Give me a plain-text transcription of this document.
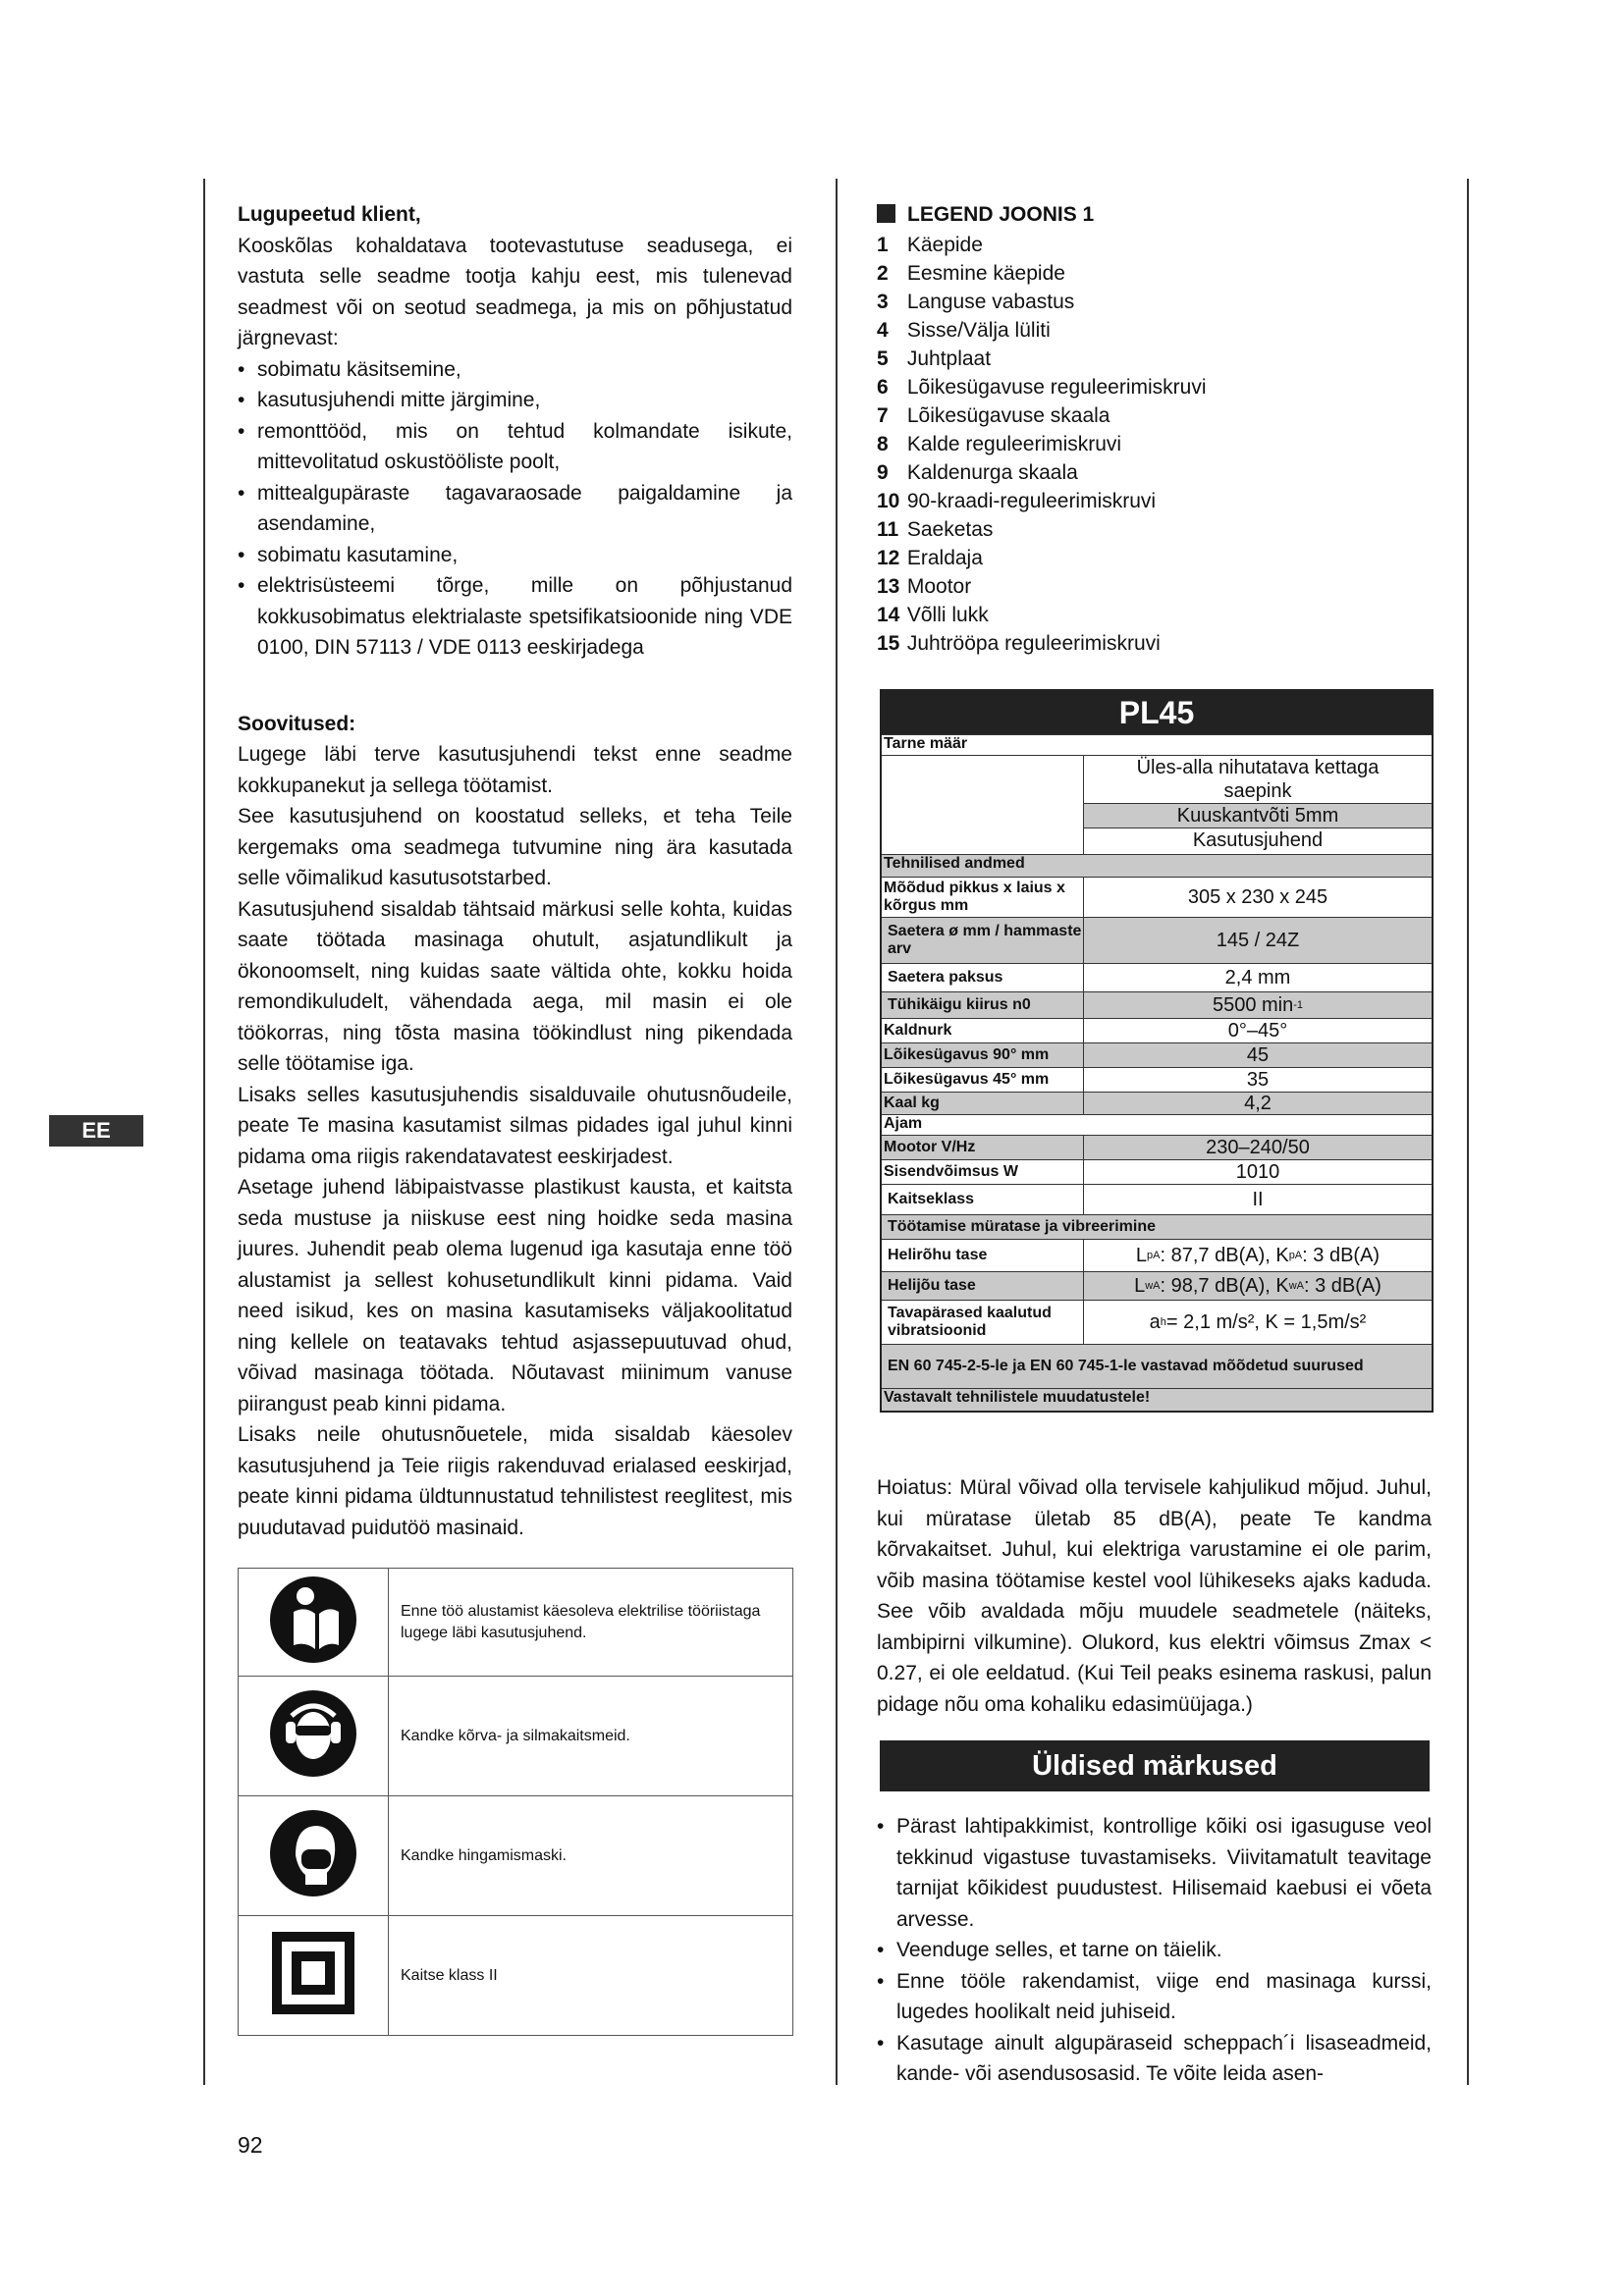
EE
Lugupeetud klient,
Kooskõlas kohaldatava tootevastutuse seadusega, ei vastuta selle seadme tootja kahju eest, mis tulenevad seadmest või on seotud seadmega, ja mis on põhjustatud järgnevast:
• sobimatu käsitsemine,
• kasutusjuhendi mitte järgimine,
• remonttööd, mis on tehtud kolmandate isikute, mittevolitatud oskustööliste poolt,
• mittealgupäraste tagavaraosade paigaldamine ja asendamine,
• sobimatu kasutamine,
• elektrisüsteemi tõrge, mille on põhjustanud kokkusobimatus elektrialaste spetsifikatsioonide ning VDE 0100, DIN 57113 / VDE 0113 eeskirjadega
Soovitused:
Lugege läbi terve kasutusjuhendi tekst enne seadme kokkupanekut ja sellega töötamist.
See kasutusjuhend on koostatud selleks, et teha Teile kergemaks oma seadmega tutvumine ning ära kasutada selle võimalikud kasutusotstarbed.
Kasutusjuhend sisaldab tähtsaid märkusi selle kohta, kuidas saate töötada masinaga ohutult, asjatundlikult ja ökonoomselt, ning kuidas saate vältida ohte, kokku hoida remondikuludelt, vähendada aega, mil masin ei ole töökorras, ning tõsta masina töökindlust ning pikendada selle töötamise iga.
Lisaks selles kasutusjuhendis sisalduvaile ohutusnõudeile, peate Te masina kasutamist silmas pidades igal juhul kinni pidama oma riigis rakendatavatest eeskirjadest.
Asetage juhend läbipaistvasse plastikust kausta, et kaitsta seda mustuse ja niiskuse eest ning hoidke seda masina juures. Juhendit peab olema lugenud iga kasutaja enne töö alustamist ja sellest kohusetundlikult kinni pidamа. Vaid need isikud, kes on masina kasutamiseks väljakoolitatud ning kellele on teatavaks tehtud asjassepuutuvad ohud, võivad masinaga töötada. Nõutavast miinimum vanuse piirangust peab kinni pidama.
Lisaks neile ohutusnõuetele, mida sisaldab käesolev kasutusjuhend ja Teie riigis rakenduvad erialased eeskirjad, peate kinni pidama üldtunnustatud tehnilistest reeglitest, mis puudutavad puidutöö masinaid.
	Enne töö alustamist käesoleva elektrilise tööriistaga lugege läbi kasutusjuhend.
	Kandke kõrva- ja silmakaitsmeid.
	Kandke hingamismaski.
	Kaitse klass II
92
LEGEND JOONIS 1
1 Käepide
2 Eesmine käepide
3 Languse vabastus
4 Sisse/Välja lüliti
5 Juhtplaat
6 Lõikesügavuse reguleerimiskruvi
7 Lõikesügavuse skaala
8 Kalde reguleerimiskruvi
9 Kaldenurga skaala
10 90-kraadi-reguleerimiskruvi
11 Saeketas
12 Eraldaja
13 Mootor
14 Võlli lukk
15 Juhtrööpa reguleerimiskruvi
PL45
Tarne määr
Üles-alla nihutatava kettaga saepink
Kuuskantvõti 5mm
Kasutusjuhend
Tehnilised andmed
Mõõdud pikkus x laius x kõrgus mm	305 x 230 x 245
Saetera ø mm / hammaste arv	145 / 24Z
Saetera paksus	2,4 mm
Tühikäigu kiirus n0	5500 min -1
Kaldnurk	0°–45°
Lõikesügavus 90° mm	45
Lõikesügavus 45° mm	35
Kaal kg	4,2
Ajam
Mootor V/Hz	230–240/50
Sisendvõimsus W	1010
Kaitseklass	II
Töötamise müratase ja vibreerimine
Helirõhu tase	L pA : 87,7 dB(A), K pA : 3 dB(A)
Helijõu tase	L wA : 98,7 dB(A), K wA : 3 dB(A)
Tavapärased kaalutud vibratsioonid	a h = 2,1 m/s², K = 1,5m/s²
EN 60 745-2-5-le ja EN 60 745-1-le vastavad mõõdetud suurused
Vastavalt tehnilistele muudatustele!
Hoiatus: Müral võivad olla tervisele kahjulikud mõjud. Juhul, kui müratase ületab 85 dB(A), peate Te kandma kõrvakaitset. Juhul, kui elektriga varustamine ei ole parim, võib masina töötamise kestel vool lühikeseks ajaks kaduda. See võib avaldada mõju muudele seadmetele (näiteks, lambipirni vilkumine). Olukord, kus elektri võimsus Zmax < 0.27, ei ole eeldatud. (Kui Teil peaks esinema raskusi, palun pidage nõu oma kohaliku edasimüüjaga.)
Üldised märkused
• Pärast lahtipakkimist, kontrollige kõiki osi igasuguse veol tekkinud vigastuse tuvastamiseks. Viivitamatult teavitage tarnijat kõikidest puudustest. Hilisemaid kaebusi ei võeta arvesse.
• Veenduge selles, et tarne on täielik.
• Enne tööle rakendamist, viige end masinaga kurssi, lugedes hoolikalt neid juhiseid.
• Kasutage ainult algupäraseid scheppach´i lisaseadmeid, kande- või asendusosasid. Te võite leida asen-
